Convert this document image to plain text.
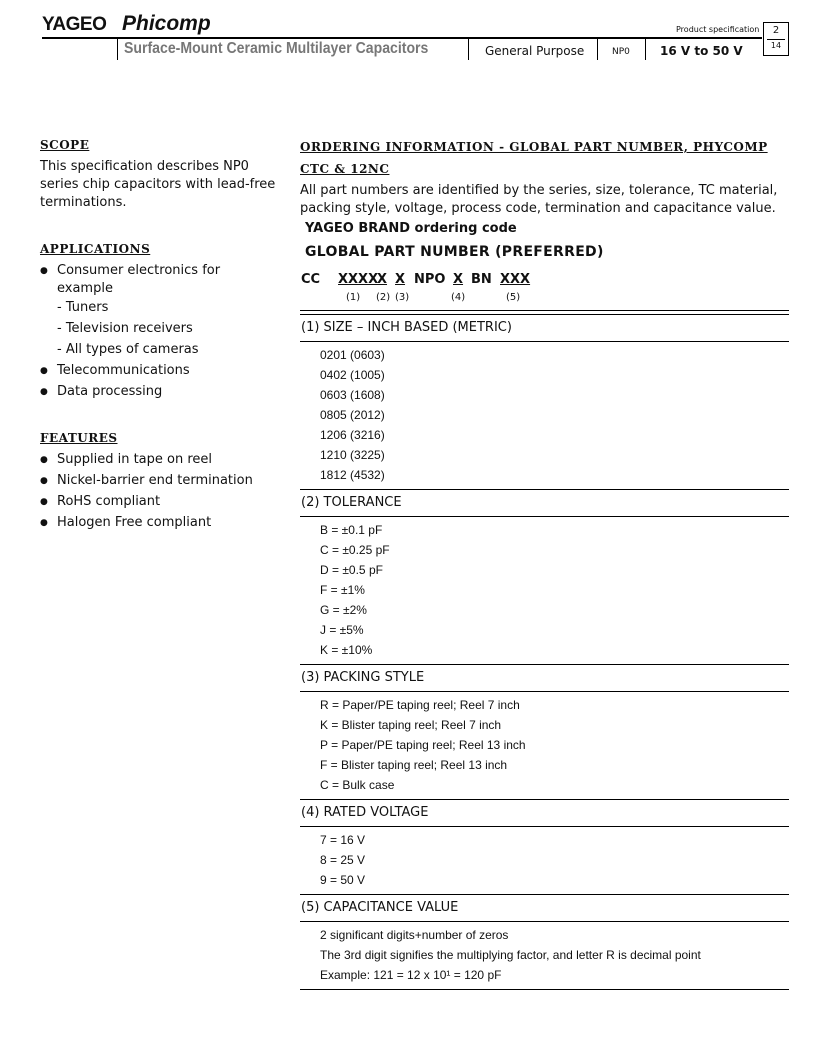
YAGEO Phicomp	Product specification	2
14
Surface-Mount Ceramic Multilayer Capacitors	General Purpose	NP0	16 V to 50 V
SCOPE

This specification describes NP0 series chip capacitors with lead-free terminations.

APPLICATIONS
● Consumer electronics for example
- Tuners
- Television receivers
- All types of cameras
● Telecommunications
● Data processing
FEATURES
● Supplied in tape on reel
● Nickel-barrier end termination
● RoHS compliant
● Halogen Free compliant
ORDERING INFORMATION - GLOBAL PART NUMBER, PHYCOMP
CTC & 12NC

All part numbers are identified by the series, size, tolerance, TC material, packing style, voltage, process code, termination and capacitance value.

YAGEO BRAND ordering code
GLOBAL PART NUMBER (PREFERRED)
CC XXXX
X X NPO X BN XXX
(1) (2) (3)	(4)	(5)
(1) SIZE – INCH BASED (METRIC)
0201 (0603)
0402 (1005)
0603 (1608)
0805 (2012)
1206 (3216)
1210 (3225)
1812 (4532)
(2) TOLERANCE
B = ±0.1 pF
C = ±0.25 pF
D = ±0.5 pF
F = ±1%
G = ±2%
J = ±5%
K = ±10%
(3) PACKING STYLE
R = Paper/PE taping reel; Reel 7 inch
K = Blister taping reel; Reel 7 inch
P = Paper/PE taping reel; Reel 13 inch
F = Blister taping reel; Reel 13 inch
C = Bulk case
(4) RATED VOLTAGE
7 = 16 V
8 = 25 V
9 = 50 V
(5) CAPACITANCE VALUE
2 significant digits+number of zeros
The 3rd digit signifies the multiplying factor, and letter R is decimal point
Example: 121 = 12 x 10¹ = 120 pF
